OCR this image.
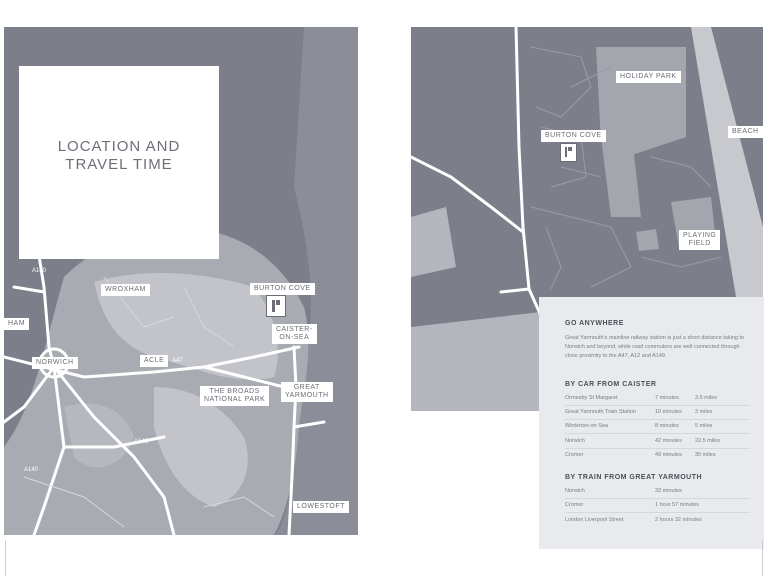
LOCATION AND
TRAVEL TIME
WROXHAM	BURTON COVE
CAISTER-
ON-SEA
NORWICH	ACLE
THE BROADS
NATIONAL PARK
GREAT
YARMOUTH
LOWESTOFT
HAM
A140
A47
A146
A140
HOLIDAY PARK
BURTON COVE
BEACH
PLAYING
FIELD
GO ANYWHERE

Great Yarmouth's mainline railway station is just a short distance taking to Norwich and beyond, while road commuters are well connected through close proximity to the A47, A12 and A149.

BY CAR FROM CAISTER
Ormesby St Margaret	7 minutes	3.5 miles
Great Yarmouth Train Station	10 minutes 3 miles
Winterton-on-Sea	8 minutes	5 miles
Norwich	42 minutes 22.5 miles
Cromer	49 minutes 30 miles
BY TRAIN FROM GREAT YARMOUTH
Norwich	33 minutes
Cromer	1 hour 57 minutes
London Liverpool Street	2 hours 32 minutes
